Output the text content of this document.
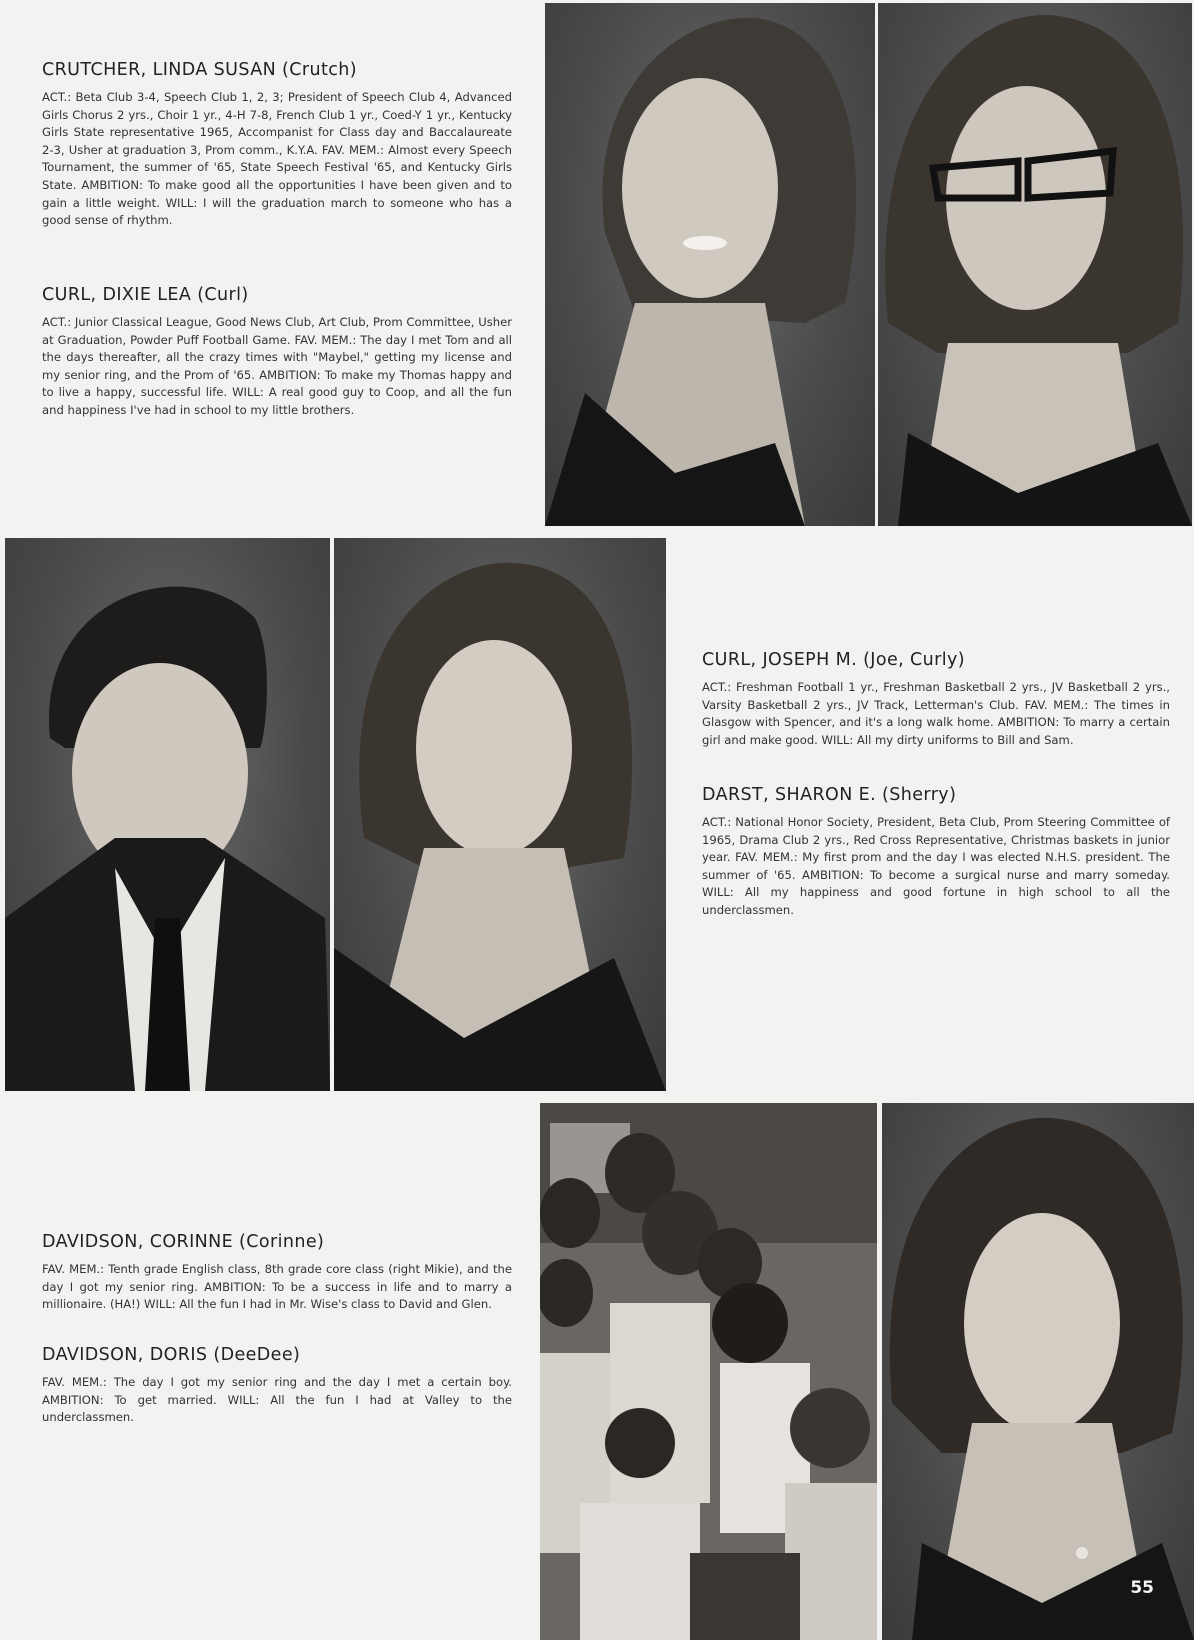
CRUTCHER, LINDA SUSAN (Crutch)

ACT.: Beta Club 3-4, Speech Club 1, 2, 3; President of Speech Club 4, Advanced Girls Chorus 2 yrs., Choir 1 yr., 4-H 7-8, French Club 1 yr., Coed-Y 1 yr., Kentucky Girls State representative 1965, Accompanist for Class day and Baccalaureate 2-3, Usher at graduation 3, Prom comm., K.Y.A. FAV. MEM.: Almost every Speech Tournament, the summer of '65, State Speech Festival '65, and Kentucky Girls State. AMBITION: To make good all the opportunities I have been given and to gain a little weight. WILL: I will the graduation march to someone who has a good sense of rhythm.

CURL, DIXIE LEA (Curl)

ACT.: Junior Classical League, Good News Club, Art Club, Prom Committee, Usher at Graduation, Powder Puff Football Game. FAV. MEM.: The day I met Tom and all the days thereafter, all the crazy times with "Maybel," getting my license and my senior ring, and the Prom of '65. AMBITION: To make my Thomas happy and to live a happy, successful life. WILL: A real good guy to Coop, and all the fun and happiness I've had in school to my little brothers.

CURL, JOSEPH M. (Joe, Curly)

ACT.: Freshman Football 1 yr., Freshman Basketball 2 yrs., JV Basketball 2 yrs., Varsity Basketball 2 yrs., JV Track, Letterman's Club. FAV. MEM.: The times in Glasgow with Spencer, and it's a long walk home. AMBITION: To marry a certain girl and make good. WILL: All my dirty uniforms to Bill and Sam.

DARST, SHARON E. (Sherry)

ACT.: National Honor Society, President, Beta Club, Prom Steering Committee of 1965, Drama Club 2 yrs., Red Cross Representative, Christmas baskets in junior year. FAV. MEM.: My first prom and the day I was elected N.H.S. president. The summer of '65. AMBITION: To become a surgical nurse and marry someday. WILL: All my happiness and good fortune in high school to all the underclassmen.

DAVIDSON, CORINNE (Corinne)

FAV. MEM.: Tenth grade English class, 8th grade core class (right Mikie), and the day I got my senior ring. AMBITION: To be a success in life and to marry a millionaire. (HA!) WILL: All the fun I had in Mr. Wise's class to David and Glen.

DAVIDSON, DORIS (DeeDee)

FAV. MEM.: The day I got my senior ring and the day I met a certain boy. AMBITION: To get married. WILL: All the fun I had at Valley to the underclassmen.

55
